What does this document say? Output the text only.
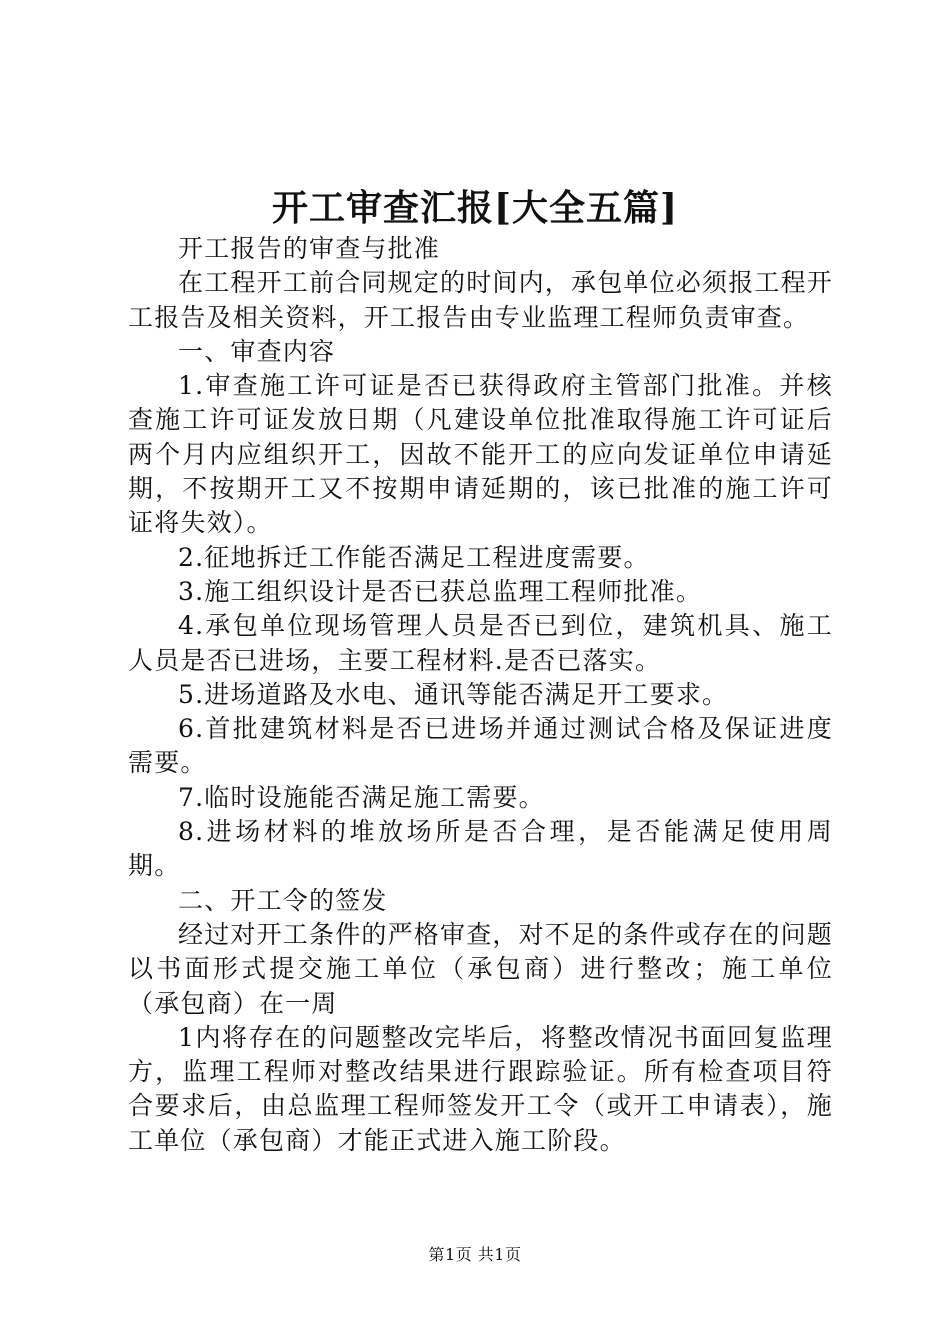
开工审查汇报[大全五篇]

开工报告的审查与批准

在工程开工前合同规定的时间内，承包单位必须报工程开工报告及相关资料，开工报告由专业监理工程师负责审查。

一、审查内容

1.审查施工许可证是否已获得政府主管部门批准。并核查施工许可证发放日期（凡建设单位批准取得施工许可证后两个月内应组织开工，因故不能开工的应向发证单位申请延期，不按期开工又不按期申请延期的，该已批准的施工许可证将失效）。

2.征地拆迁工作能否满足工程进度需要。

3.施工组织设计是否已获总监理工程师批准。

4.承包单位现场管理人员是否已到位，建筑机具、施工人员是否已进场，主要工程材料.是否已落实。

5.进场道路及水电、通讯等能否满足开工要求。

6.首批建筑材料是否已进场并通过测试合格及保证进度需要。

7.临时设施能否满足施工需要。

8.进场材料的堆放场所是否合理，是否能满足使用周期。

二、开工令的签发

经过对开工条件的严格审查，对不足的条件或存在的问题以书面形式提交施工单位（承包商）进行整改；施工单位（承包商）在一周

1内将存在的问题整改完毕后，将整改情况书面回复监理方，监理工程师对整改结果进行跟踪验证。所有检查项目符合要求后，由总监理工程师签发开工令（或开工申请表），施工单位（承包商）才能正式进入施工阶段。

第1页 共1页
